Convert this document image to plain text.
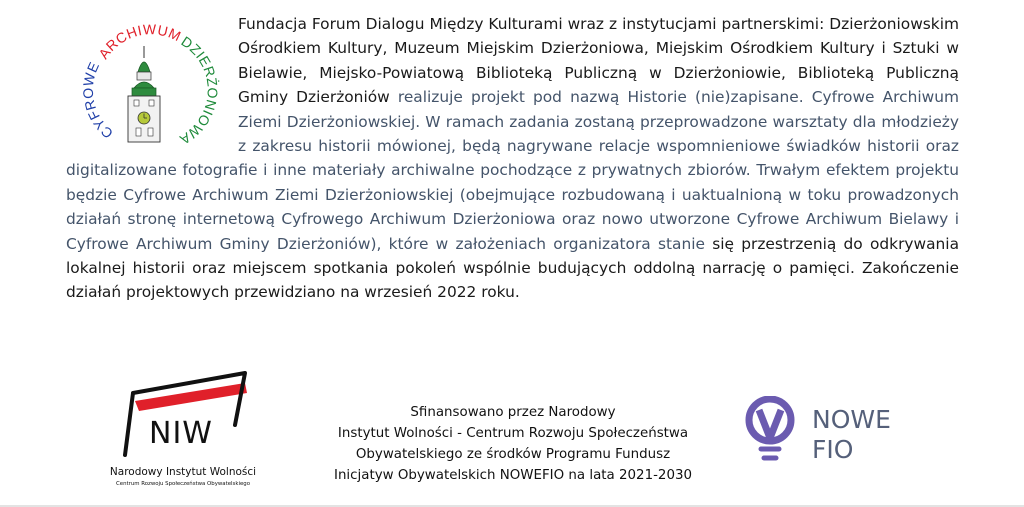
CYFROWE
ARCHIWUM
DZIERŻONIOWA

Fundacja Forum Dialogu Między Kulturami wraz z instytucjami partnerskimi: Dzierżoniowskim Ośrodkiem Kultury, Muzeum Miejskim Dzierżoniowa, Miejskim Ośrodkiem Kultury i Sztuki w Bielawie, Miejsko-Powiatową Biblioteką Publiczną w Dzierżoniowie, Biblioteką Publiczną Gminy Dzierżoniów realizuje projekt pod nazwą Historie (nie)zapisane. Cyfrowe Archiwum Ziemi Dzierżoniowskiej. W ramach zadania zostaną przeprowadzone warsztaty dla młodzieży z zakresu historii mówionej, będą nagrywane relacje wspomnieniowe świadków historii oraz digitalizowane fotografie i inne materiały archiwalne pochodzące z prywatnych zbiorów. Trwałym efektem projektu będzie Cyfrowe Archiwum Ziemi Dzierżoniowskiej (obejmujące rozbudowaną i uaktualnioną w toku prowadzonych działań stronę internetową Cyfrowego Archiwum Dzierżoniowa oraz nowo utworzone Cyfrowe Archiwum Bielawy i Cyfrowe Archiwum Gminy Dzierżoniów), które w założeniach organizatora stanie się przestrzenią do odkrywania lokalnej historii oraz miejscem spotkania pokoleń wspólnie budujących oddolną narrację o pamięci. Zakończenie działań projektowych przewidziano na wrzesień 2022 roku.

NIW
Narodowy Instytut Wolności
Centrum Rozwoju Społeczeństwa Obywatelskiego
Sfinansowano przez Narodowy
Instytut Wolności - Centrum Rozwoju Społeczeństwa
Obywatelskiego ze środków Programu Fundusz
Inicjatyw Obywatelskich NOWEFIO na lata 2021-2030
NOWE
FIO
